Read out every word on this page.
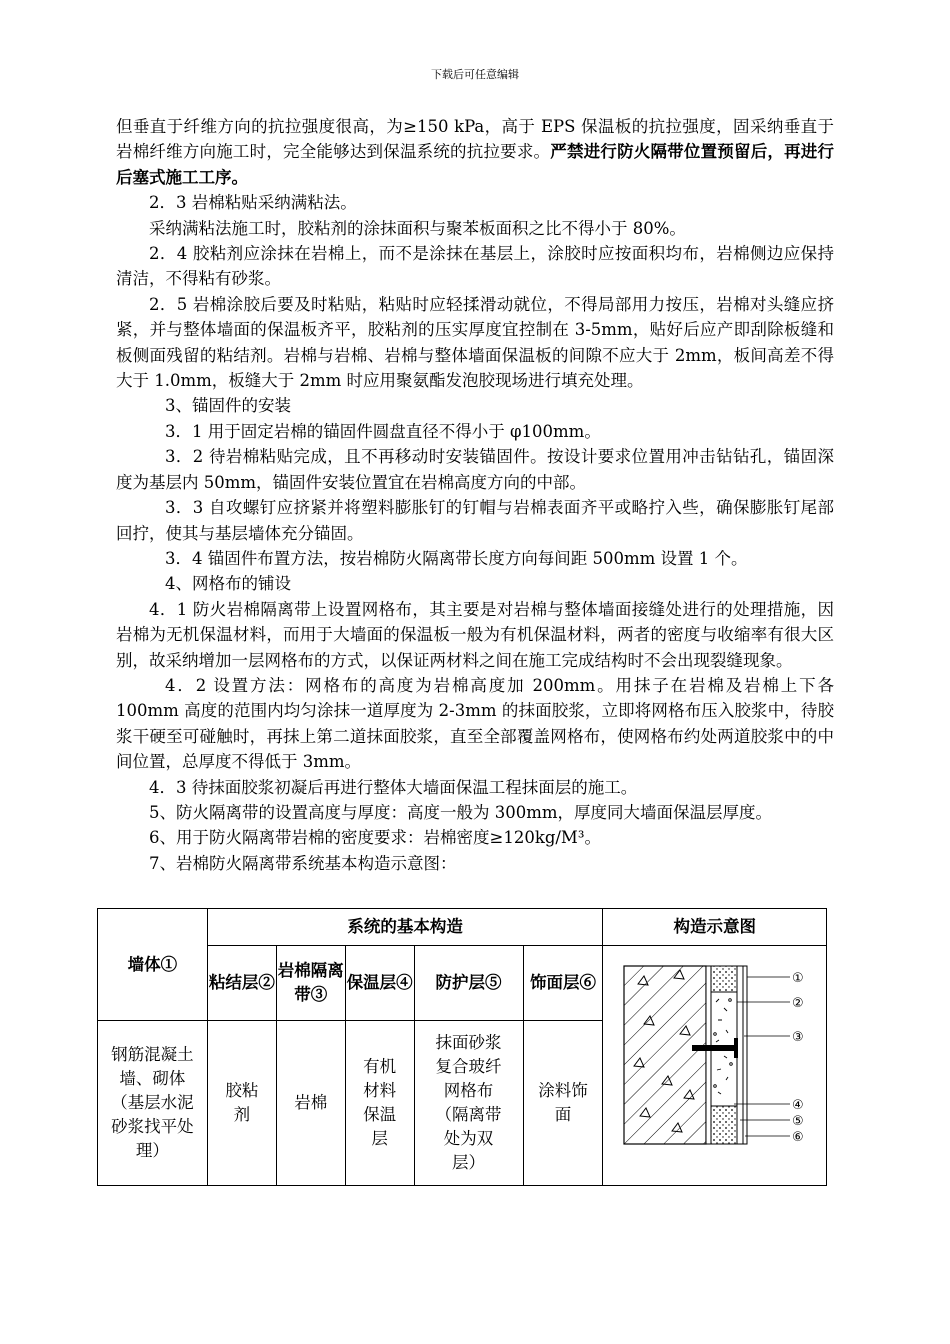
下载后可任意编辑

但垂直于纤维方向的抗拉强度很高，为≥150 kPa，高于 EPS 保温板的抗拉强度，固采纳垂直于岩棉纤维方向施工时，完全能够达到保温系统的抗拉要求。严禁进行防火隔带位置预留后，再进行后塞式施工工序。

2．3 岩棉粘贴采纳满粘法。

采纳满粘法施工时，胶粘剂的涂抹面积与聚苯板面积之比不得小于 80%。

2．4 胶粘剂应涂抹在岩棉上，而不是涂抹在基层上，涂胶时应按面积均布，岩棉侧边应保持清洁，不得粘有砂浆。

2．5 岩棉涂胶后要及时粘贴，粘贴时应轻揉滑动就位，不得局部用力按压，岩棉对头缝应挤紧，并与整体墙面的保温板齐平，胶粘剂的压实厚度宜控制在 3-5mm，贴好后应产即刮除板缝和板侧面残留的粘结剂。岩棉与岩棉、岩棉与整体墙面保温板的间隙不应大于 2mm，板间高差不得大于 1.0mm，板缝大于 2mm 时应用聚氨酯发泡胶现场进行填充处理。

3、锚固件的安装

3．1 用于固定岩棉的锚固件圆盘直径不得小于 φ100mm。

3．2 待岩棉粘贴完成，且不再移动时安装锚固件。按设计要求位置用冲击钻钻孔，锚固深度为基层内 50mm，锚固件安装位置宜在岩棉高度方向的中部。

3．3 自攻螺钉应挤紧并将塑料膨胀钉的钉帽与岩棉表面齐平或略拧入些，确保膨胀钉尾部回拧，使其与基层墙体充分锚固。

3．4 锚固件布置方法，按岩棉防火隔离带长度方向每间距 500mm 设置 1 个。

4、网格布的铺设

4．1 防火岩棉隔离带上设置网格布，其主要是对岩棉与整体墙面接缝处进行的处理措施，因岩棉为无机保温材料，而用于大墙面的保温板一般为有机保温材料，两者的密度与收缩率有很大区别，故采纳增加一层网格布的方式，以保证两材料之间在施工完成结构时不会出现裂缝现象。

4．2 设置方法：网格布的高度为岩棉高度加 200mm。用抹子在岩棉及岩棉上下各 100mm 高度的范围内均匀涂抹一道厚度为 2-3mm 的抹面胶浆，立即将网格布压入胶浆中，待胶浆干硬至可碰触时，再抹上第二道抹面胶浆，直至全部覆盖网格布，使网格布约处两道胶浆中的中间位置，总厚度不得低于 3mm。

4．3 待抹面胶浆初凝后再进行整体大墙面保温工程抹面层的施工。

5、防火隔离带的设置高度与厚度：高度一般为 300mm，厚度同大墙面保温层厚度。

6、用于防火隔离带岩棉的密度要求：岩棉密度≥120kg/M³。

7、岩棉防火隔离带系统基本构造示意图：

墙体①	系统的基本构造					构造示意图
	粘结层②	岩棉隔离带③	保温层④	防护层⑤	饰面层⑥	
钢筋混凝土墙、砌体（基层水泥砂浆找平处理）	胶粘剂	岩棉	有机材料保温层	抹面砂浆复合玻纤网格布（隔离带处为双层）	涂料饰面	
①
②
③
④
⑤
⑥
